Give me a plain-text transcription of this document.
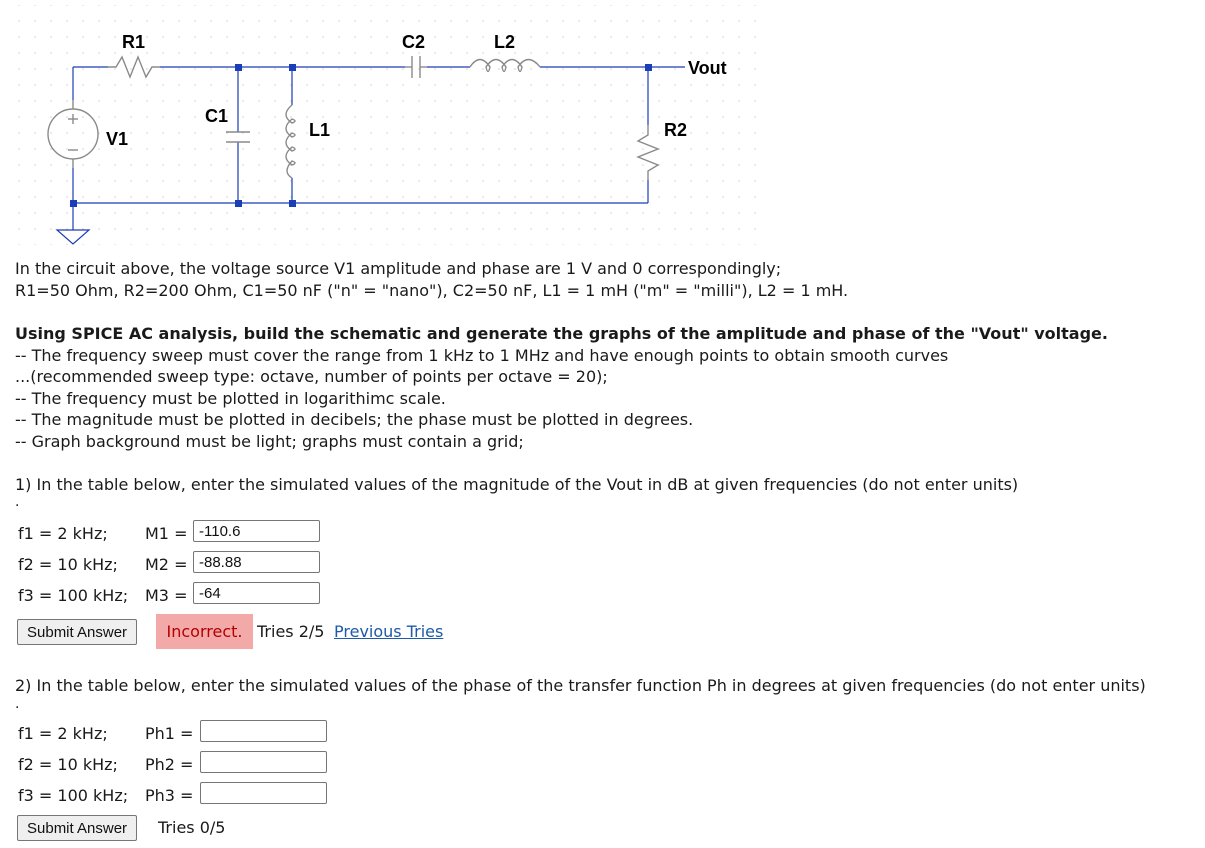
R1	C2	L2
Vout
C1
L1
V1	R2
In the circuit above, the voltage source V1 amplitude and phase are 1 V and 0 correspondingly;
R1=50 Ohm, R2=200 Ohm, C1=50 nF ("n" = "nano"), C2=50 nF, L1 = 1 mH ("m" = "milli"), L2 = 1 mH.
Using SPICE AC analysis, build the schematic and generate the graphs of the amplitude and phase of the "Vout" voltage.
-- The frequency sweep must cover the range from 1 kHz to 1 MHz and have enough points to obtain smooth curves
...(recommended sweep type: octave, number of points per octave = 20);
-- The frequency must be plotted in logarithimc scale.
-- The magnitude must be plotted in decibels; the phase must be plotted in degrees.
-- Graph background must be light; graphs must contain a grid;
1) In the table below, enter the simulated values of the magnitude of the Vout in dB at given frequencies (do not enter units)
.
f1 = 2 kHz;	M1 =
-110.6
f2 = 10 kHz;	M2 =
-88.88
f3 = 100 kHz;	M3 =
-64
Submit Answer	Incorrect. Tries 2/5 Previous Tries
2) In the table below, enter the simulated values of the phase of the transfer function Ph in degrees at given frequencies (do not enter units)
.
f1 = 2 kHz;	Ph1 =
f2 = 10 kHz;	Ph2 =
f3 = 100 kHz;	Ph3 =
Submit Answer	Tries 0/5
